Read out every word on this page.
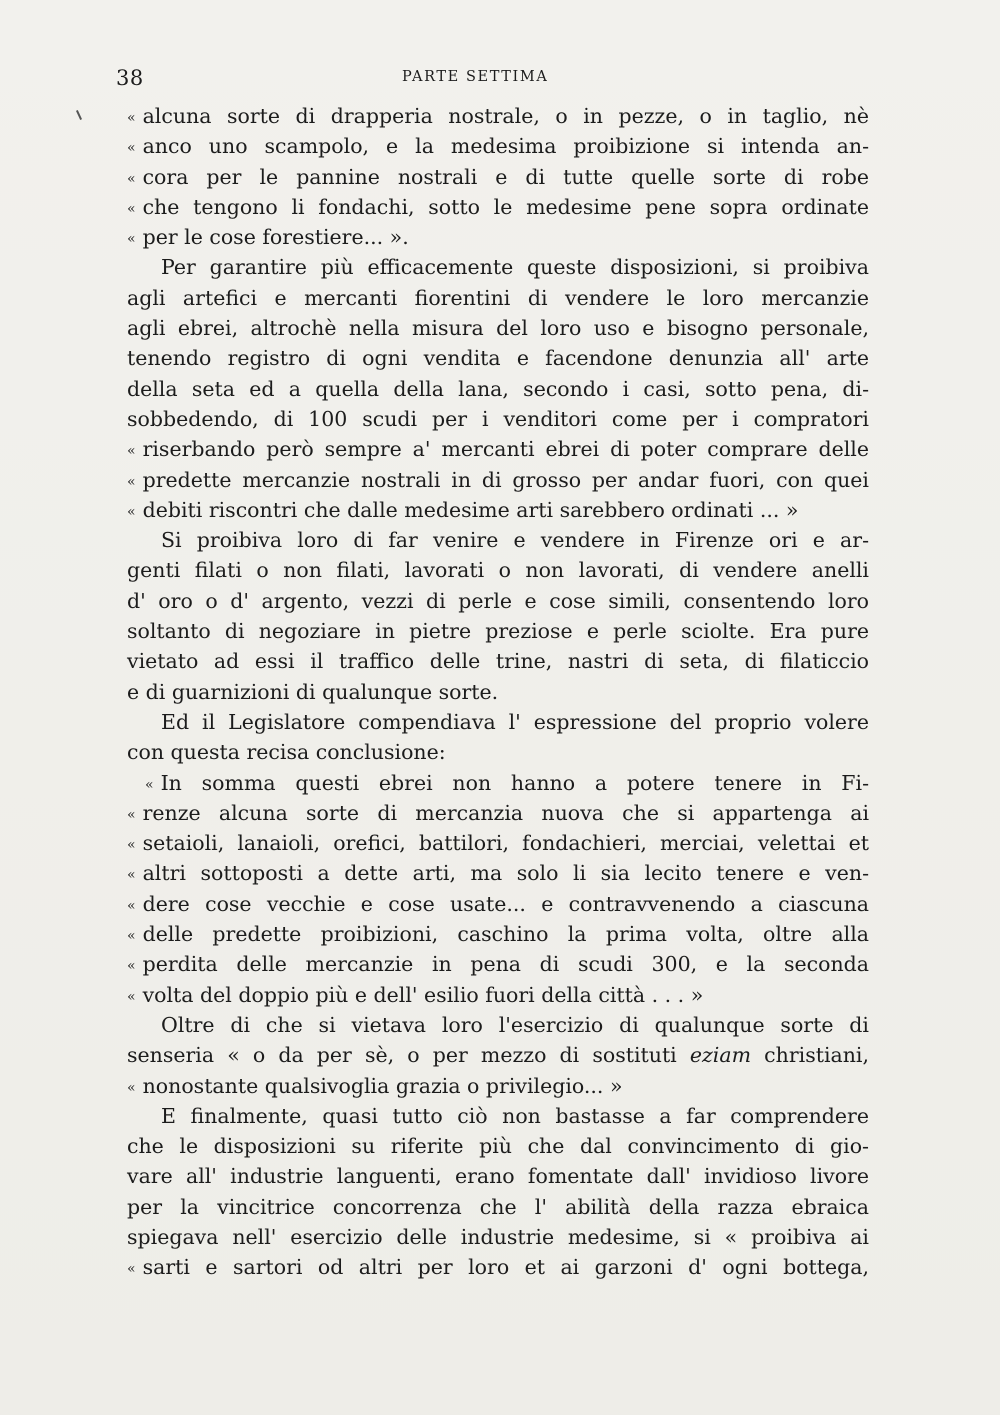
38	PARTE SETTIMA
« alcuna sorte di drapperia nostrale, o in pezze, o in taglio, nè
« anco uno scampolo, e la medesima proibizione si intenda an-
« cora per le pannine nostrali e di tutte quelle sorte di robe
« che tengono li fondachi, sotto le medesime pene sopra ordinate
« per le cose forestiere... ».
Per garantire più efficacemente queste disposizioni, si proibiva
agli artefici e mercanti fiorentini di vendere le loro mercanzie
agli ebrei, altrochè nella misura del loro uso e bisogno personale,
tenendo registro di ogni vendita e facendone denunzia all' arte
della seta ed a quella della lana, secondo i casi, sotto pena, di-
sobbedendo, di 100 scudi per i venditori come per i compratori
« riserbando però sempre a' mercanti ebrei di poter comprare delle
« predette mercanzie nostrali in di grosso per andar fuori, con quei
« debiti riscontri che dalle medesime arti sarebbero ordinati ... »
Si proibiva loro di far venire e vendere in Firenze ori e ar-
genti filati o non filati, lavorati o non lavorati, di vendere anelli
d' oro o d' argento, vezzi di perle e cose simili, consentendo loro
soltanto di negoziare in pietre preziose e perle sciolte. Era pure
vietato ad essi il traffico delle trine, nastri di seta, di filaticcio
e di guarnizioni di qualunque sorte.
Ed il Legislatore compendiava l' espressione del proprio volere
con questa recisa conclusione:
« In somma questi ebrei non hanno a potere tenere in Fi-
« renze alcuna sorte di mercanzia nuova che si appartenga ai
« setaioli, lanaioli, orefici, battilori, fondachieri, merciai, velettai et
« altri sottoposti a dette arti, ma solo li sia lecito tenere e ven-
« dere cose vecchie e cose usate... e contravvenendo a ciascuna
« delle predette proibizioni, caschino la prima volta, oltre alla
« perdita delle mercanzie in pena di scudi 300, e la seconda
« volta del doppio più e dell' esilio fuori della città . . . »
Oltre di che si vietava loro l'esercizio di qualunque sorte di
senseria « o da per sè, o per mezzo di sostituti eziam christiani,
« nonostante qualsivoglia grazia o privilegio... »
E finalmente, quasi tutto ciò non bastasse a far comprendere
che le disposizioni su riferite più che dal convincimento di gio-
vare all' industrie languenti, erano fomentate dall' invidioso livore
per la vincitrice concorrenza che l' abilità della razza ebraica
spiegava nell' esercizio delle industrie medesime, si « proibiva ai
« sarti e sartori od altri per loro et ai garzoni d' ogni bottega,
